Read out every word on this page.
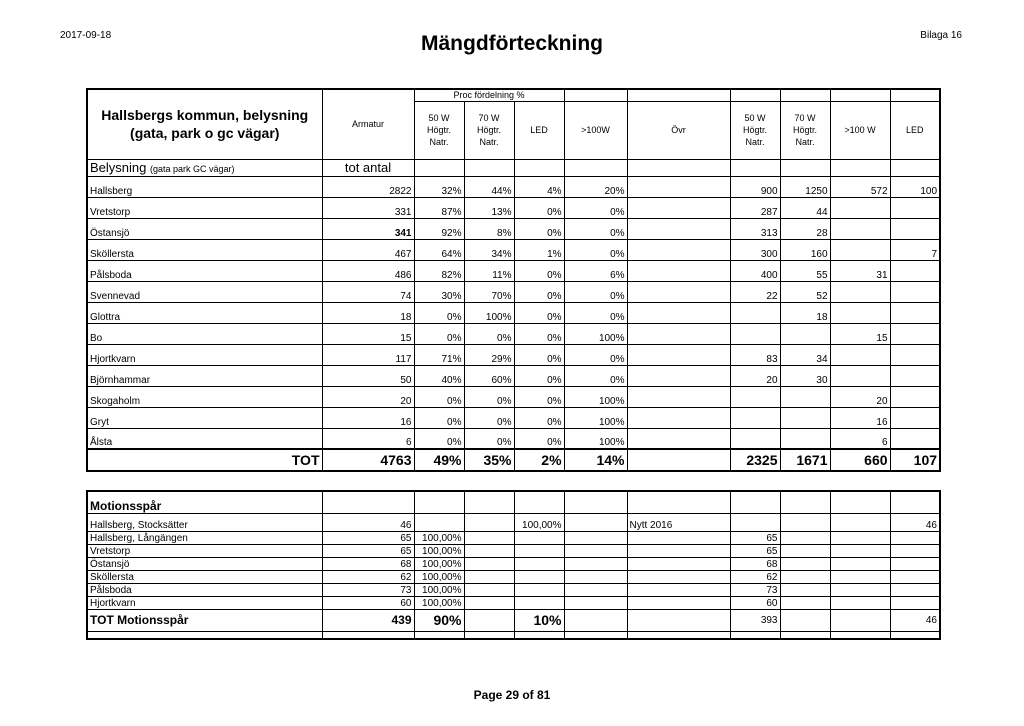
2017-09-18	Mängdförteckning	Bilaga 16
Hallsbergs kommun, belysning
(gata, park o gc vägar)	Armatur	Proc fördelning %								
		50 W
Högtr.
Natr.	70 W
Högtr.
Natr.	LED	>100W	Övr	50 W
Högtr.
Natr.	70 W
Högtr.
Natr.	>100 W	LED
Belysning (gata park GC vägar)	tot antal									
Hallsberg	2822	32%	44%	4%	20%		900	1250	572	100
Vretstorp	331	87%	13%	0%	0%		287	44		
Östansjö	341	92%	8%	0%	0%		313	28		
Sköllersta	467	64%	34%	1%	0%		300	160		7
Pålsboda	486	82%	11%	0%	6%		400	55	31	
Svennevad	74	30%	70%	0%	0%		22	52		
Glottra	18	0%	100%	0%	0%			18		
Bo	15	0%	0%	0%	100%				15	
Hjortkvarn	117	71%	29%	0%	0%		83	34		
Björnhammar	50	40%	60%	0%	0%		20	30		
Skogaholm	20	0%	0%	0%	100%				20	
Gryt	16	0%	0%	0%	100%				16	
Ålsta	6	0%	0%	0%	100%				6	
TOT	4763	49%	35%	2%	14%		2325	1671	660	107
Motionsspår										
Hallsberg, Stocksätter	46			100,00%		Nytt 2016				46
Hallsberg, Långängen	65	100,00%					65			
Vretstorp	65	100,00%					65			
Östansjö	68	100,00%					68			
Sköllersta	62	100,00%					62			
Pålsboda	73	100,00%					73			
Hjortkvarn	60	100,00%					60			
TOT Motionsspår	439	90%		10%			393			46

Page 29 of 81
